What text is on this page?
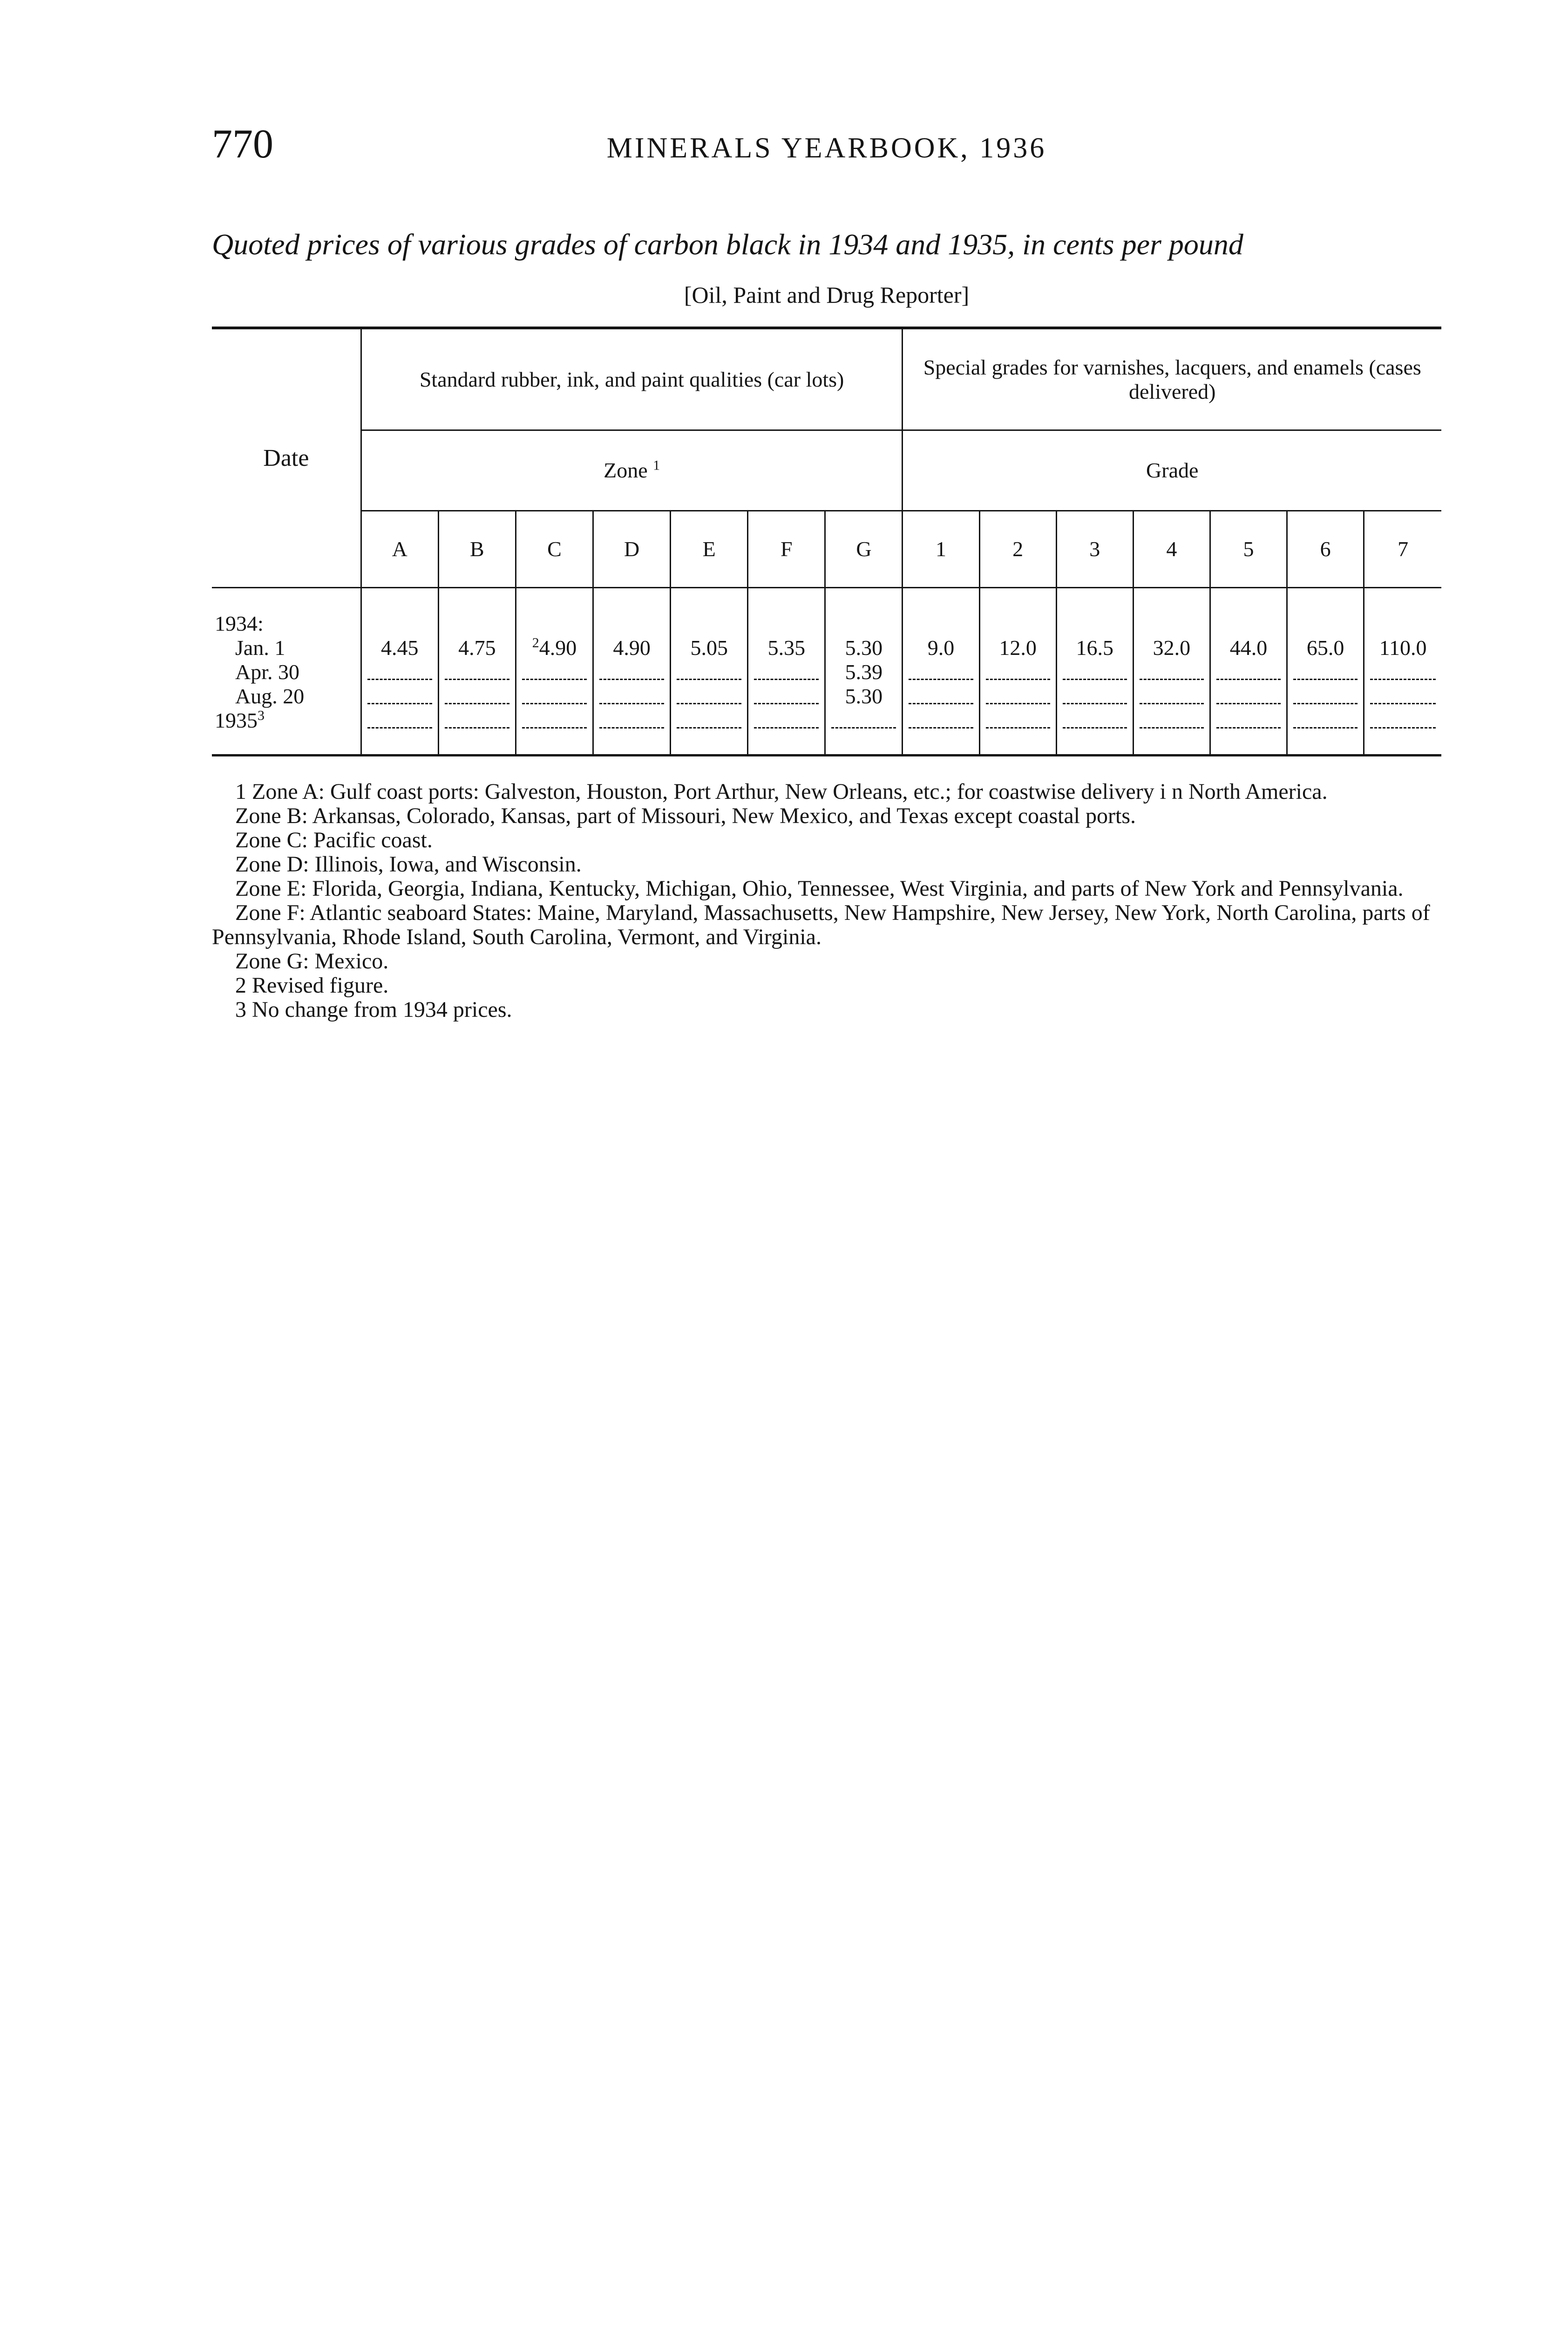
770	MINERALS YEARBOOK, 1936
Quoted prices of various grades of carbon black in 1934 and 1935, in cents per pound
[Oil, Paint and Drug Reporter]
Date	Standard rubber, ink, and paint qualities (car lots)							Special grades for varnishes, lacquers, and enamels (cases delivered)						
	Zone $^1$							Grade						
	A	B	C	D	E	F	G	1	2	3	4	5	6	7

1934:														
Jan. 1	4.45	4.75	$^2$4.90	4.90	5.05	5.35	5.30	9.0	12.0	16.5	32.0	44.0	65.0	110.0
Apr. 30							5.39	

Aug. 20							5.30	

1935$^3$	

1 Zone A: Gulf coast ports: Galveston, Houston, Port Arthur, New Orleans, etc.; for coastwise delivery i n North America.

Zone B: Arkansas, Colorado, Kansas, part of Missouri, New Mexico, and Texas except coastal ports.

Zone C: Pacific coast.

Zone D: Illinois, Iowa, and Wisconsin.

Zone E: Florida, Georgia, Indiana, Kentucky, Michigan, Ohio, Tennessee, West Virginia, and parts of New York and Pennsylvania.

Zone F: Atlantic seaboard States: Maine, Maryland, Massachusetts, New Hampshire, New Jersey, New York, North Carolina, parts of Pennsylvania, Rhode Island, South Carolina, Vermont, and Virginia.

Zone G: Mexico.

2 Revised figure.

3 No change from 1934 prices.
